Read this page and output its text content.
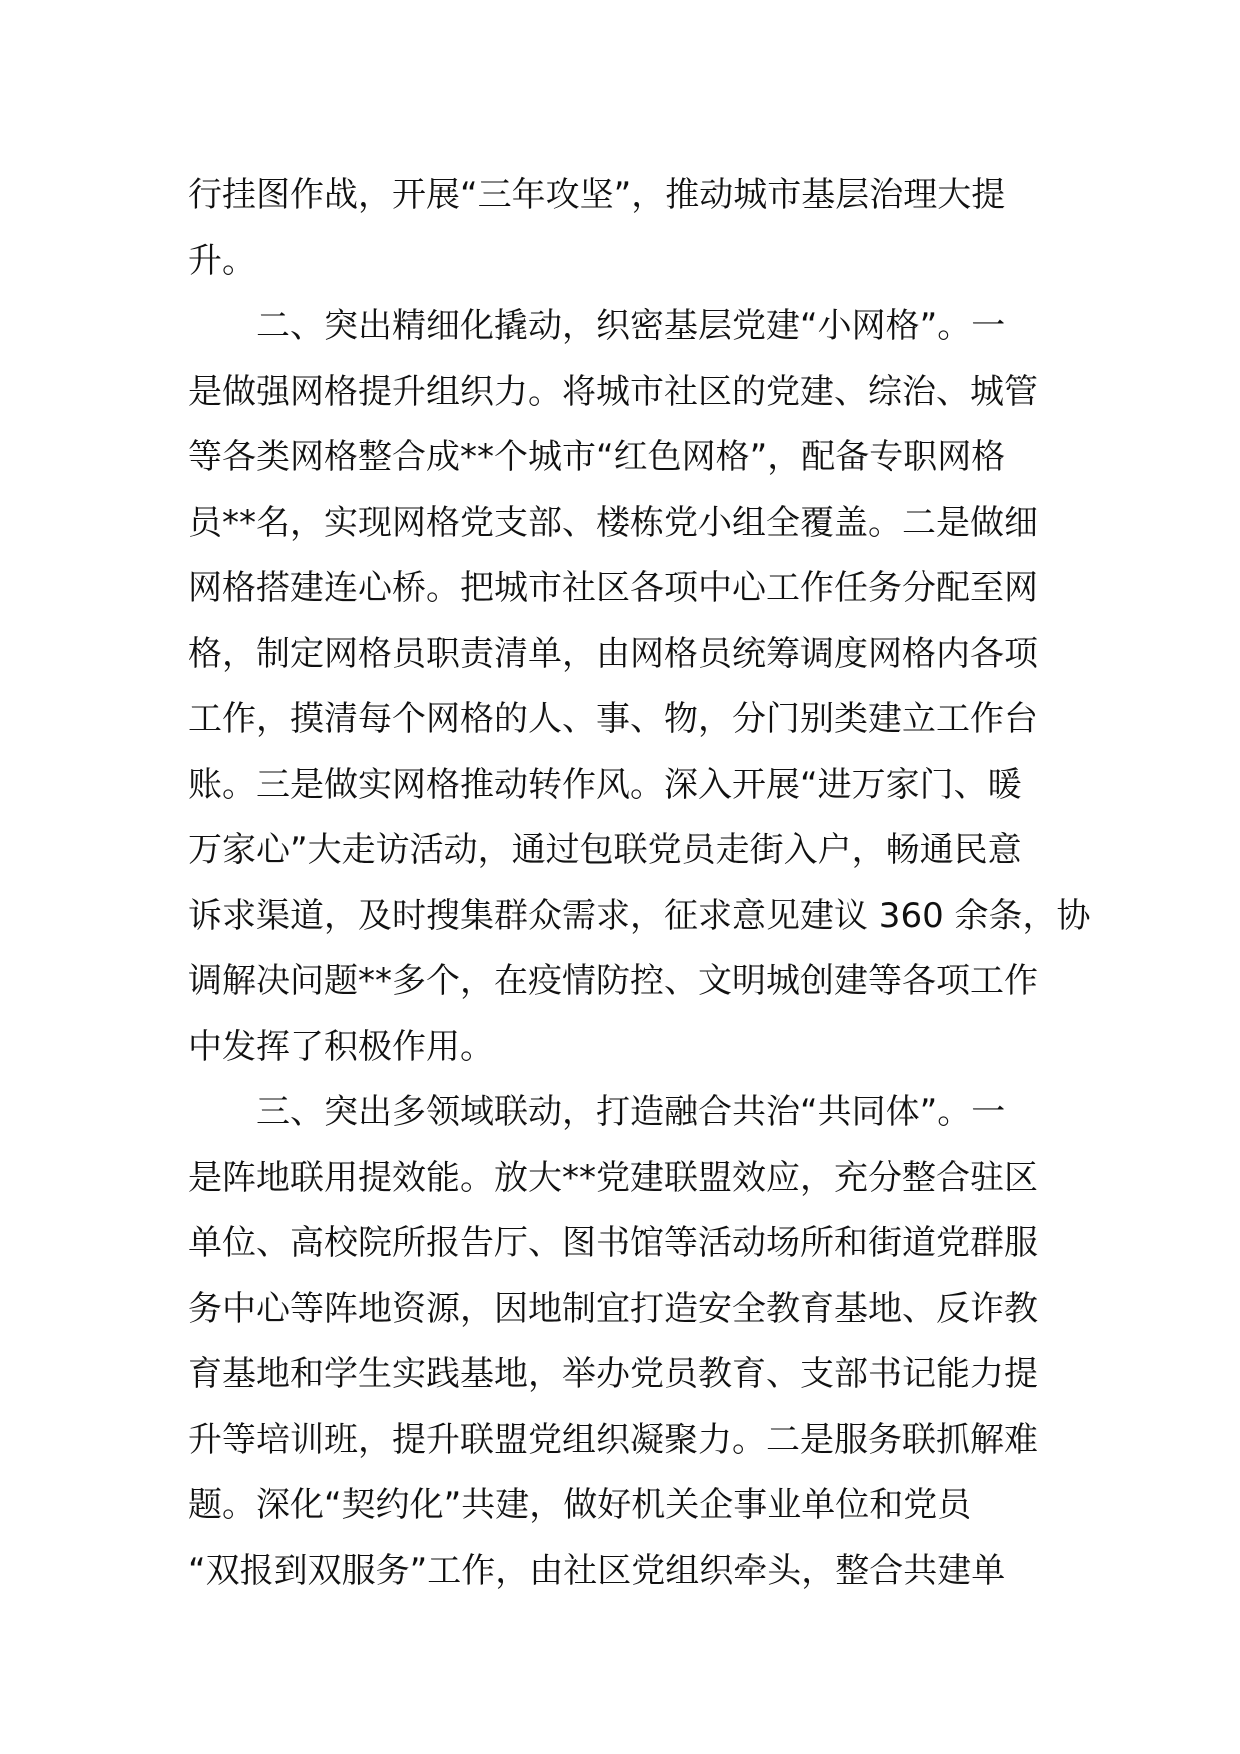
行挂图作战，开展“三年攻坚”，推动城市基层治理大提
升。
二、突出精细化撬动，织密基层党建“小网格”。一
是做强网格提升组织力。将城市社区的党建、综治、城管
等各类网格整合成**个城市“红色网格”，配备专职网格
员**名，实现网格党支部、楼栋党小组全覆盖。二是做细
网格搭建连心桥。把城市社区各项中心工作任务分配至网
格，制定网格员职责清单，由网格员统筹调度网格内各项
工作，摸清每个网格的人、事、物，分门别类建立工作台
账。三是做实网格推动转作风。深入开展“进万家门、暖
万家心”大走访活动，通过包联党员走街入户，畅通民意
诉求渠道，及时搜集群众需求，征求意见建议 360 余条，协
调解决问题**多个，在疫情防控、文明城创建等各项工作
中发挥了积极作用。
三、突出多领域联动，打造融合共治“共同体”。一
是阵地联用提效能。放大**党建联盟效应，充分整合驻区
单位、高校院所报告厅、图书馆等活动场所和街道党群服
务中心等阵地资源，因地制宜打造安全教育基地、反诈教
育基地和学生实践基地，举办党员教育、支部书记能力提
升等培训班，提升联盟党组织凝聚力。二是服务联抓解难
题。深化“契约化”共建，做好机关企事业单位和党员
“双报到双服务”工作，由社区党组织牵头，整合共建单
